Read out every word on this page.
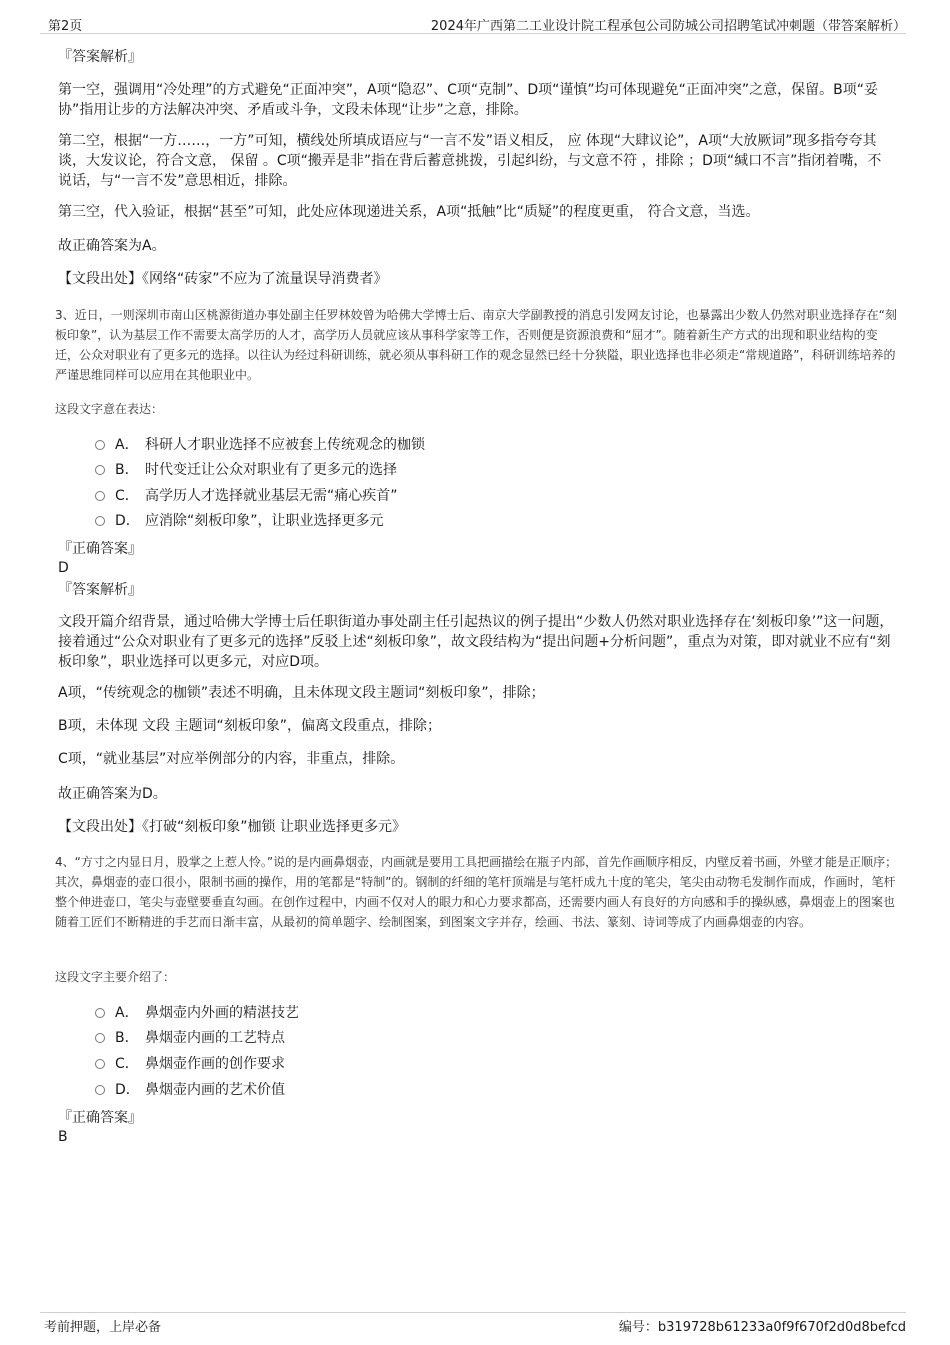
第2页	2024年广西第二工业设计院工程承包公司防城公司招聘笔试冲刺题（带答案解析）

『答案解析』

第一空，强调用“冷处理”的方式避免“正面冲突”，A项“隐忍”、C项“克制”、D项“谨慎”均可体现避免“正面冲突”之意，保留。B项“妥协”指用让步的方法解决冲突、矛盾或斗争，文段未体现“让步”之意，排除。

第二空，根据“一方……，一方”可知，横线处所填成语应与“一言不发”语义相反， 应 体现“大肆议论”，A项“大放厥词”现多指夸夸其谈，大发议论，符合文意， 保留 。C项“搬弄是非”指在背后蓄意挑拨，引起纠纷，与文意不符 ，排除 ；D项“缄口不言”指闭着嘴，不说话，与“一言不发”意思相近，排除。

第三空，代入验证，根据“甚至”可知，此处应体现递进关系，A项“抵触”比“质疑”的程度更重， 符合文意，当选。

故正确答案为A。

【文段出处】《网络“砖家”不应为了流量误导消费者》

3、近日，一则深圳市南山区桃源街道办事处副主任罗林姣曾为哈佛大学博士后、南京大学副教授的消息引发网友讨论，也暴露出少数人仍然对职业选择存在“刻板印象”，认为基层工作不需要太高学历的人才，高学历人员就应该从事科学家等工作，否则便是资源浪费和“屈才”。随着新生产方式的出现和职业结构的变迁，公众对职业有了更多元的选择。以往认为经过科研训练，就必须从事科研工作的观念显然已经十分狭隘，职业选择也非必须走“常规道路”，科研训练培养的严谨思维同样可以应用在其他职业中。

这段文字意在表达：

A． 科研人才职业选择不应被套上传统观念的枷锁
B． 时代变迁让公众对职业有了更多元的选择
C． 高学历人才选择就业基层无需“痛心疾首”
D． 应消除“刻板印象”，让职业选择更多元

『正确答案』

D

『答案解析』

文段开篇介绍背景，通过哈佛大学博士后任职街道办事处副主任引起热议的例子提出“少数人仍然对职业选择存在‘刻板印象’”这一问题，接着通过“公众对职业有了更多元的选择”反驳上述“刻板印象”，故文段结构为“提出问题+分析问题”，重点为对策，即对就业不应有“刻板印象”，职业选择可以更多元，对应D项。

A项，“传统观念的枷锁”表述不明确，且未体现文段主题词“刻板印象”，排除；

B项，未体现 文段 主题词“刻板印象”，偏离文段重点，排除；

C项，“就业基层”对应举例部分的内容，非重点，排除。

故正确答案为D。

【文段出处】《打破“刻板印象”枷锁 让职业选择更多元》

4、“方寸之内显日月，股掌之上惹人怜。”说的是内画鼻烟壶，内画就是要用工具把画描绘在瓶子内部，首先作画顺序相反，内壁反着书画，外壁才能是正顺序；其次，鼻烟壶的壶口很小，限制书画的操作，用的笔都是“特制”的。钢制的纤细的笔杆顶端是与笔杆成九十度的笔尖，笔尖由动物毛发制作而成，作画时，笔杆整个伸进壶口，笔尖与壶壁要垂直勾画。在创作过程中，内画不仅对人的眼力和心力要求都高，还需要内画人有良好的方向感和手的操纵感，鼻烟壶上的图案也随着工匠们不断精进的手艺而日渐丰富，从最初的简单题字、绘制图案，到图案文字并存，绘画、书法、篆刻、诗词等成了内画鼻烟壶的内容。

这段文字主要介绍了：

A． 鼻烟壶内外画的精湛技艺
B． 鼻烟壶内画的工艺特点
C． 鼻烟壶作画的创作要求
D． 鼻烟壶内画的艺术价值

『正确答案』

B

考前押题，上岸必备	编号：b319728b61233a0f9f670f2d0d8befcd
